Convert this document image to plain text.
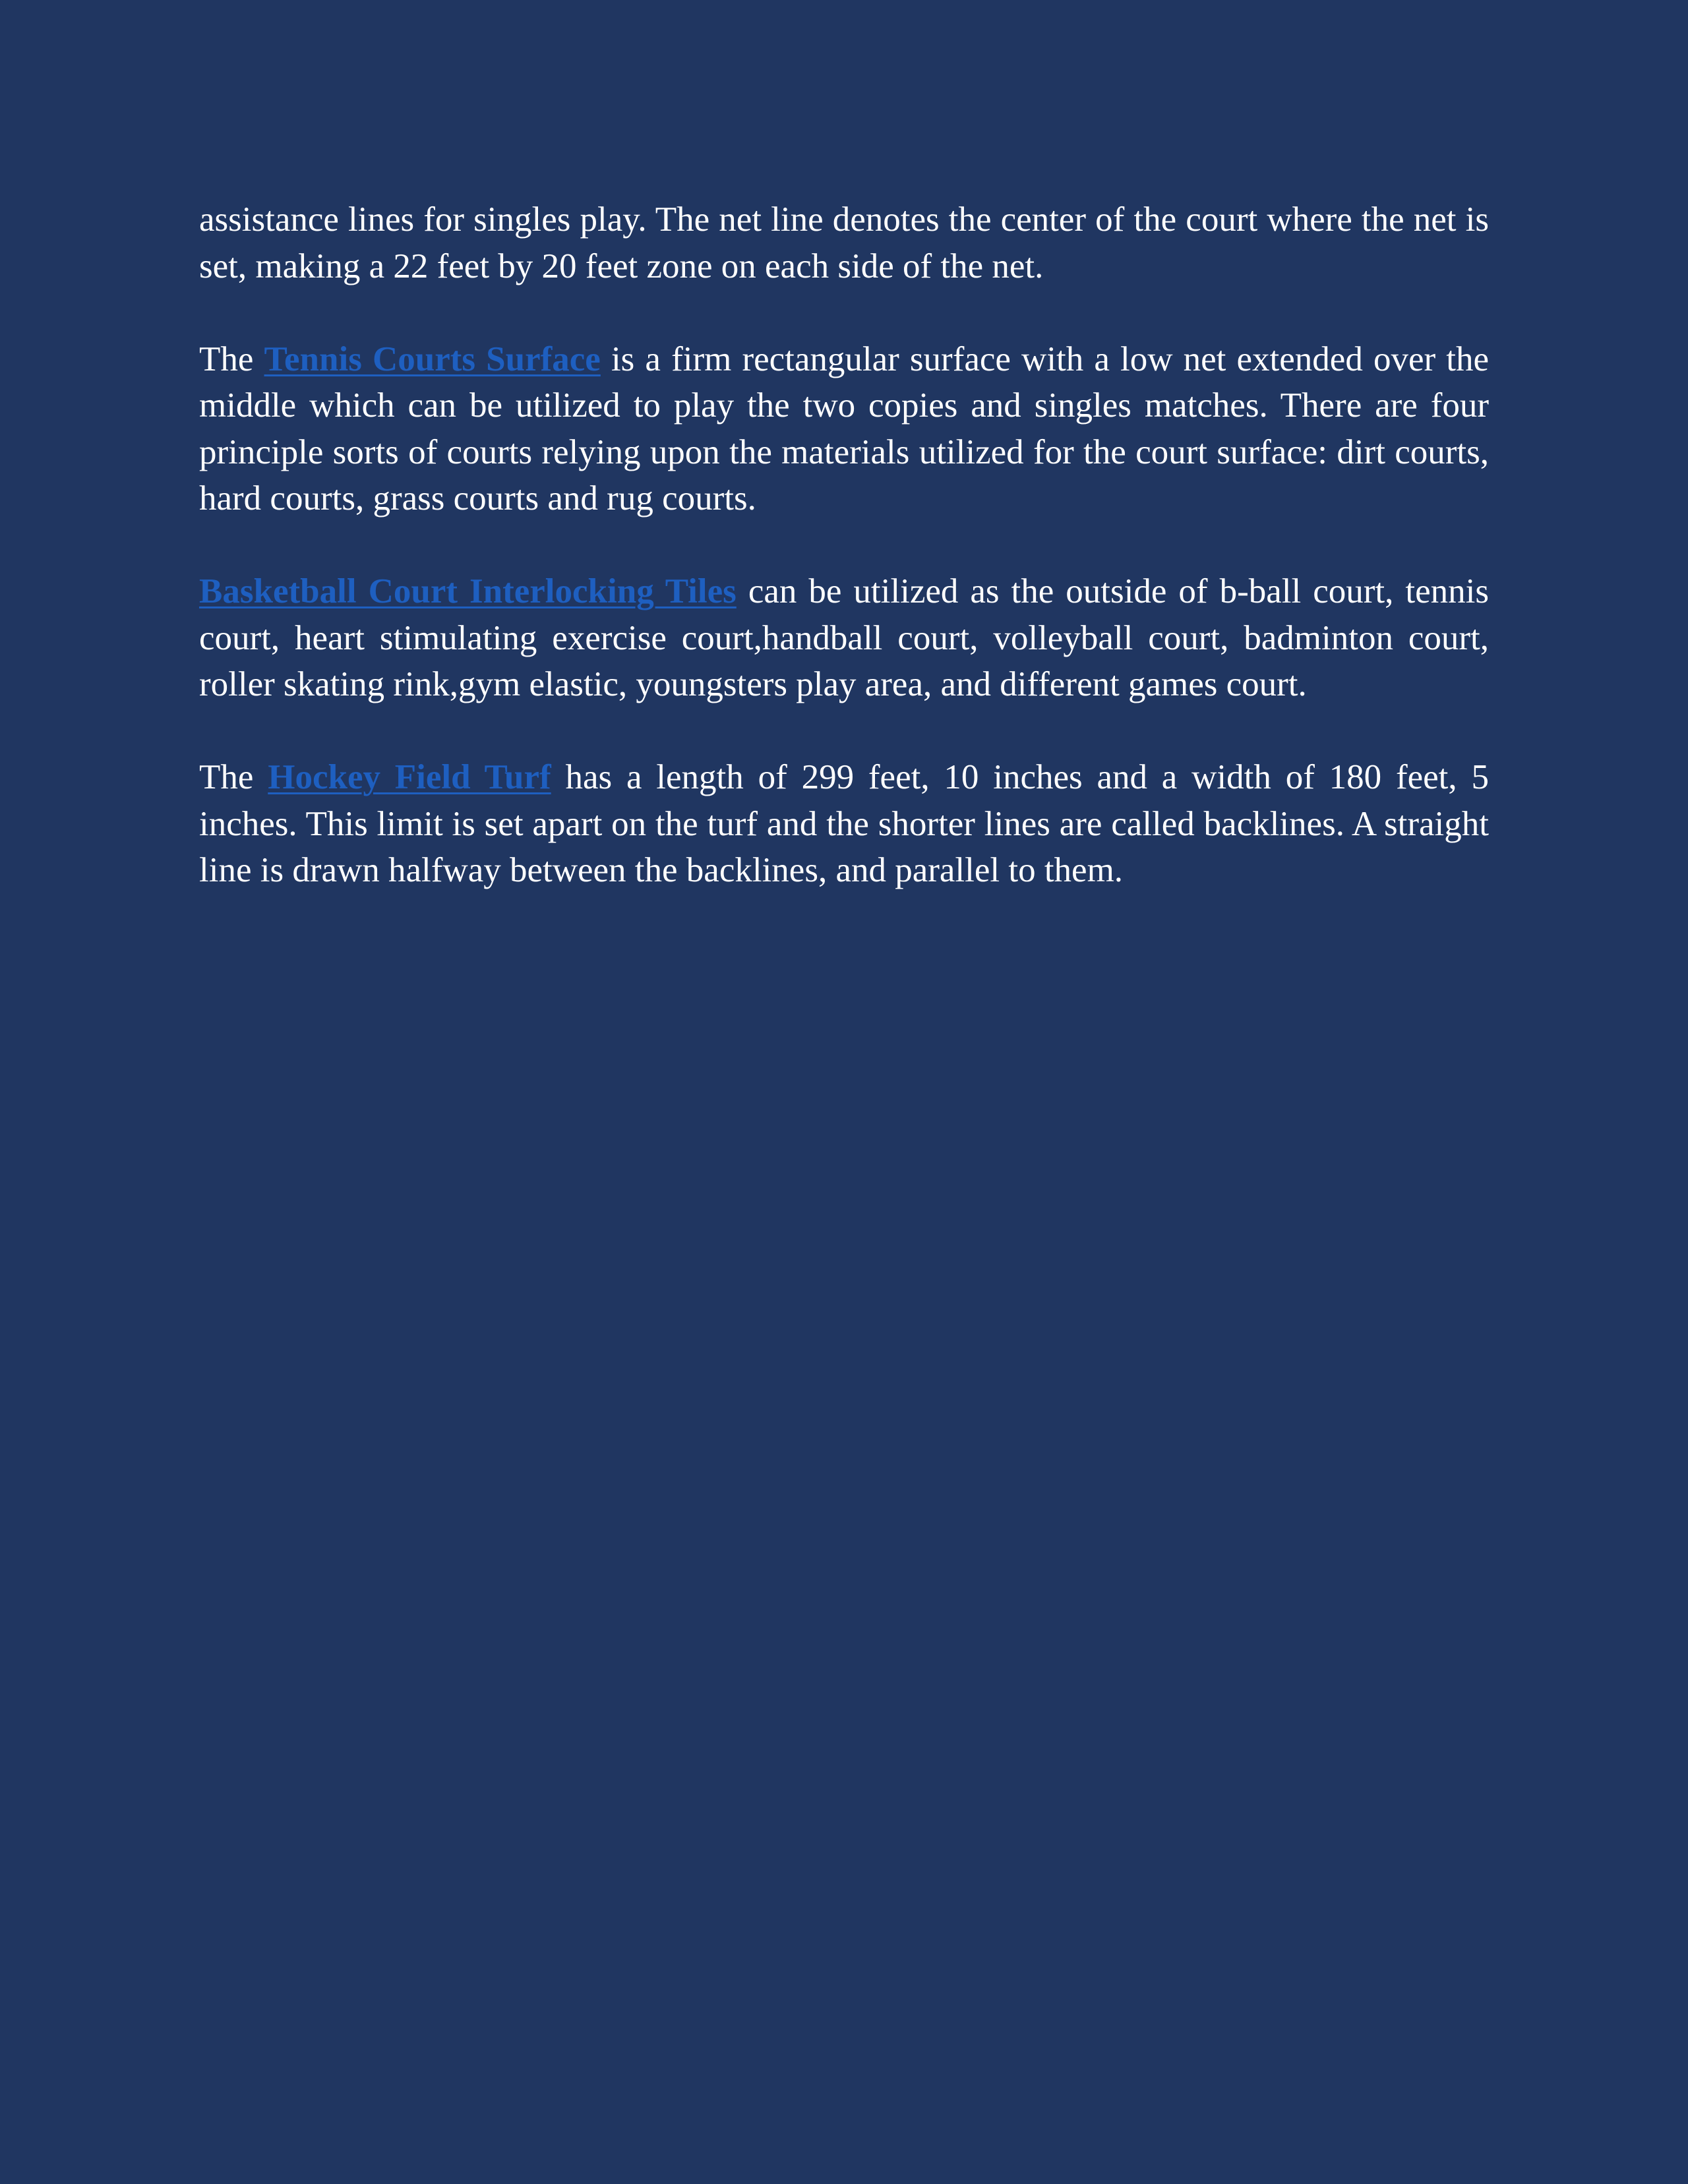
assistance lines for singles play. The net line denotes the center of the court where the net is set, making a 22 feet by 20 feet zone on each side of the net.

The Tennis Courts Surface is a firm rectangular surface with a low net extended over the middle which can be utilized to play the two copies and singles matches. There are four principle sorts of courts relying upon the materials utilized for the court surface: dirt courts, hard courts, grass courts and rug courts.

Basketball Court Interlocking Tiles can be utilized as the outside of b-ball court, tennis court, heart stimulating exercise court,handball court, volleyball court, badminton court, roller skating rink,gym elastic, youngsters play area, and different games court.

The Hockey Field Turf has a length of 299 feet, 10 inches and a width of 180 feet, 5 inches. This limit is set apart on the turf and the shorter lines are called backlines. A straight line is drawn halfway between the backlines, and parallel to them.
